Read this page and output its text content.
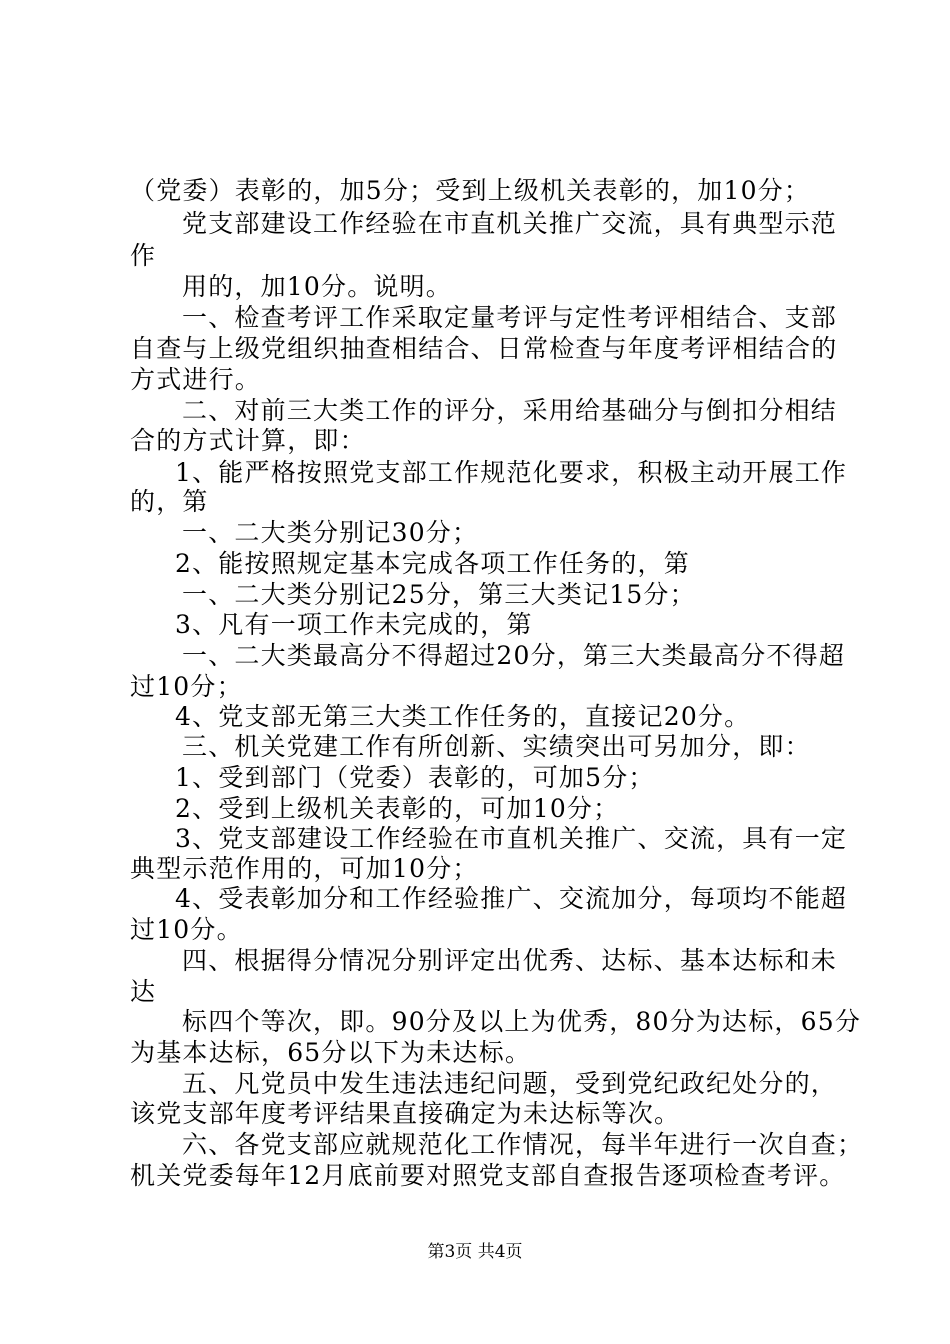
（党委）表彰的，加5分；受到上级机关表彰的，加10分；
党支部建设工作经验在市直机关推广交流，具有典型示范
作
用的，加10分。说明。
一、检查考评工作采取定量考评与定性考评相结合、支部
自查与上级党组织抽查相结合、日常检查与年度考评相结合的
方式进行。
二、对前三大类工作的评分，采用给基础分与倒扣分相结
合的方式计算，即：
1、能严格按照党支部工作规范化要求，积极主动开展工作
的，第
一、二大类分别记30分；
2、能按照规定基本完成各项工作任务的，第
一、二大类分别记25分，第三大类记15分；
3、凡有一项工作未完成的，第
一、二大类最高分不得超过20分，第三大类最高分不得超
过10分；
4、党支部无第三大类工作任务的，直接记20分。
三、机关党建工作有所创新、实绩突出可另加分，即：
1、受到部门（党委）表彰的，可加5分；
2、受到上级机关表彰的，可加10分；
3、党支部建设工作经验在市直机关推广、交流，具有一定
典型示范作用的，可加10分；
4、受表彰加分和工作经验推广、交流加分，每项均不能超
过10分。
四、根据得分情况分别评定出优秀、达标、基本达标和未
达
标四个等次，即。90分及以上为优秀，80分为达标，65分
为基本达标，65分以下为未达标。
五、凡党员中发生违法违纪问题，受到党纪政纪处分的，
该党支部年度考评结果直接确定为未达标等次。
六、各党支部应就规范化工作情况，每半年进行一次自查；
机关党委每年12月底前要对照党支部自查报告逐项检查考评。
第3页 共4页
